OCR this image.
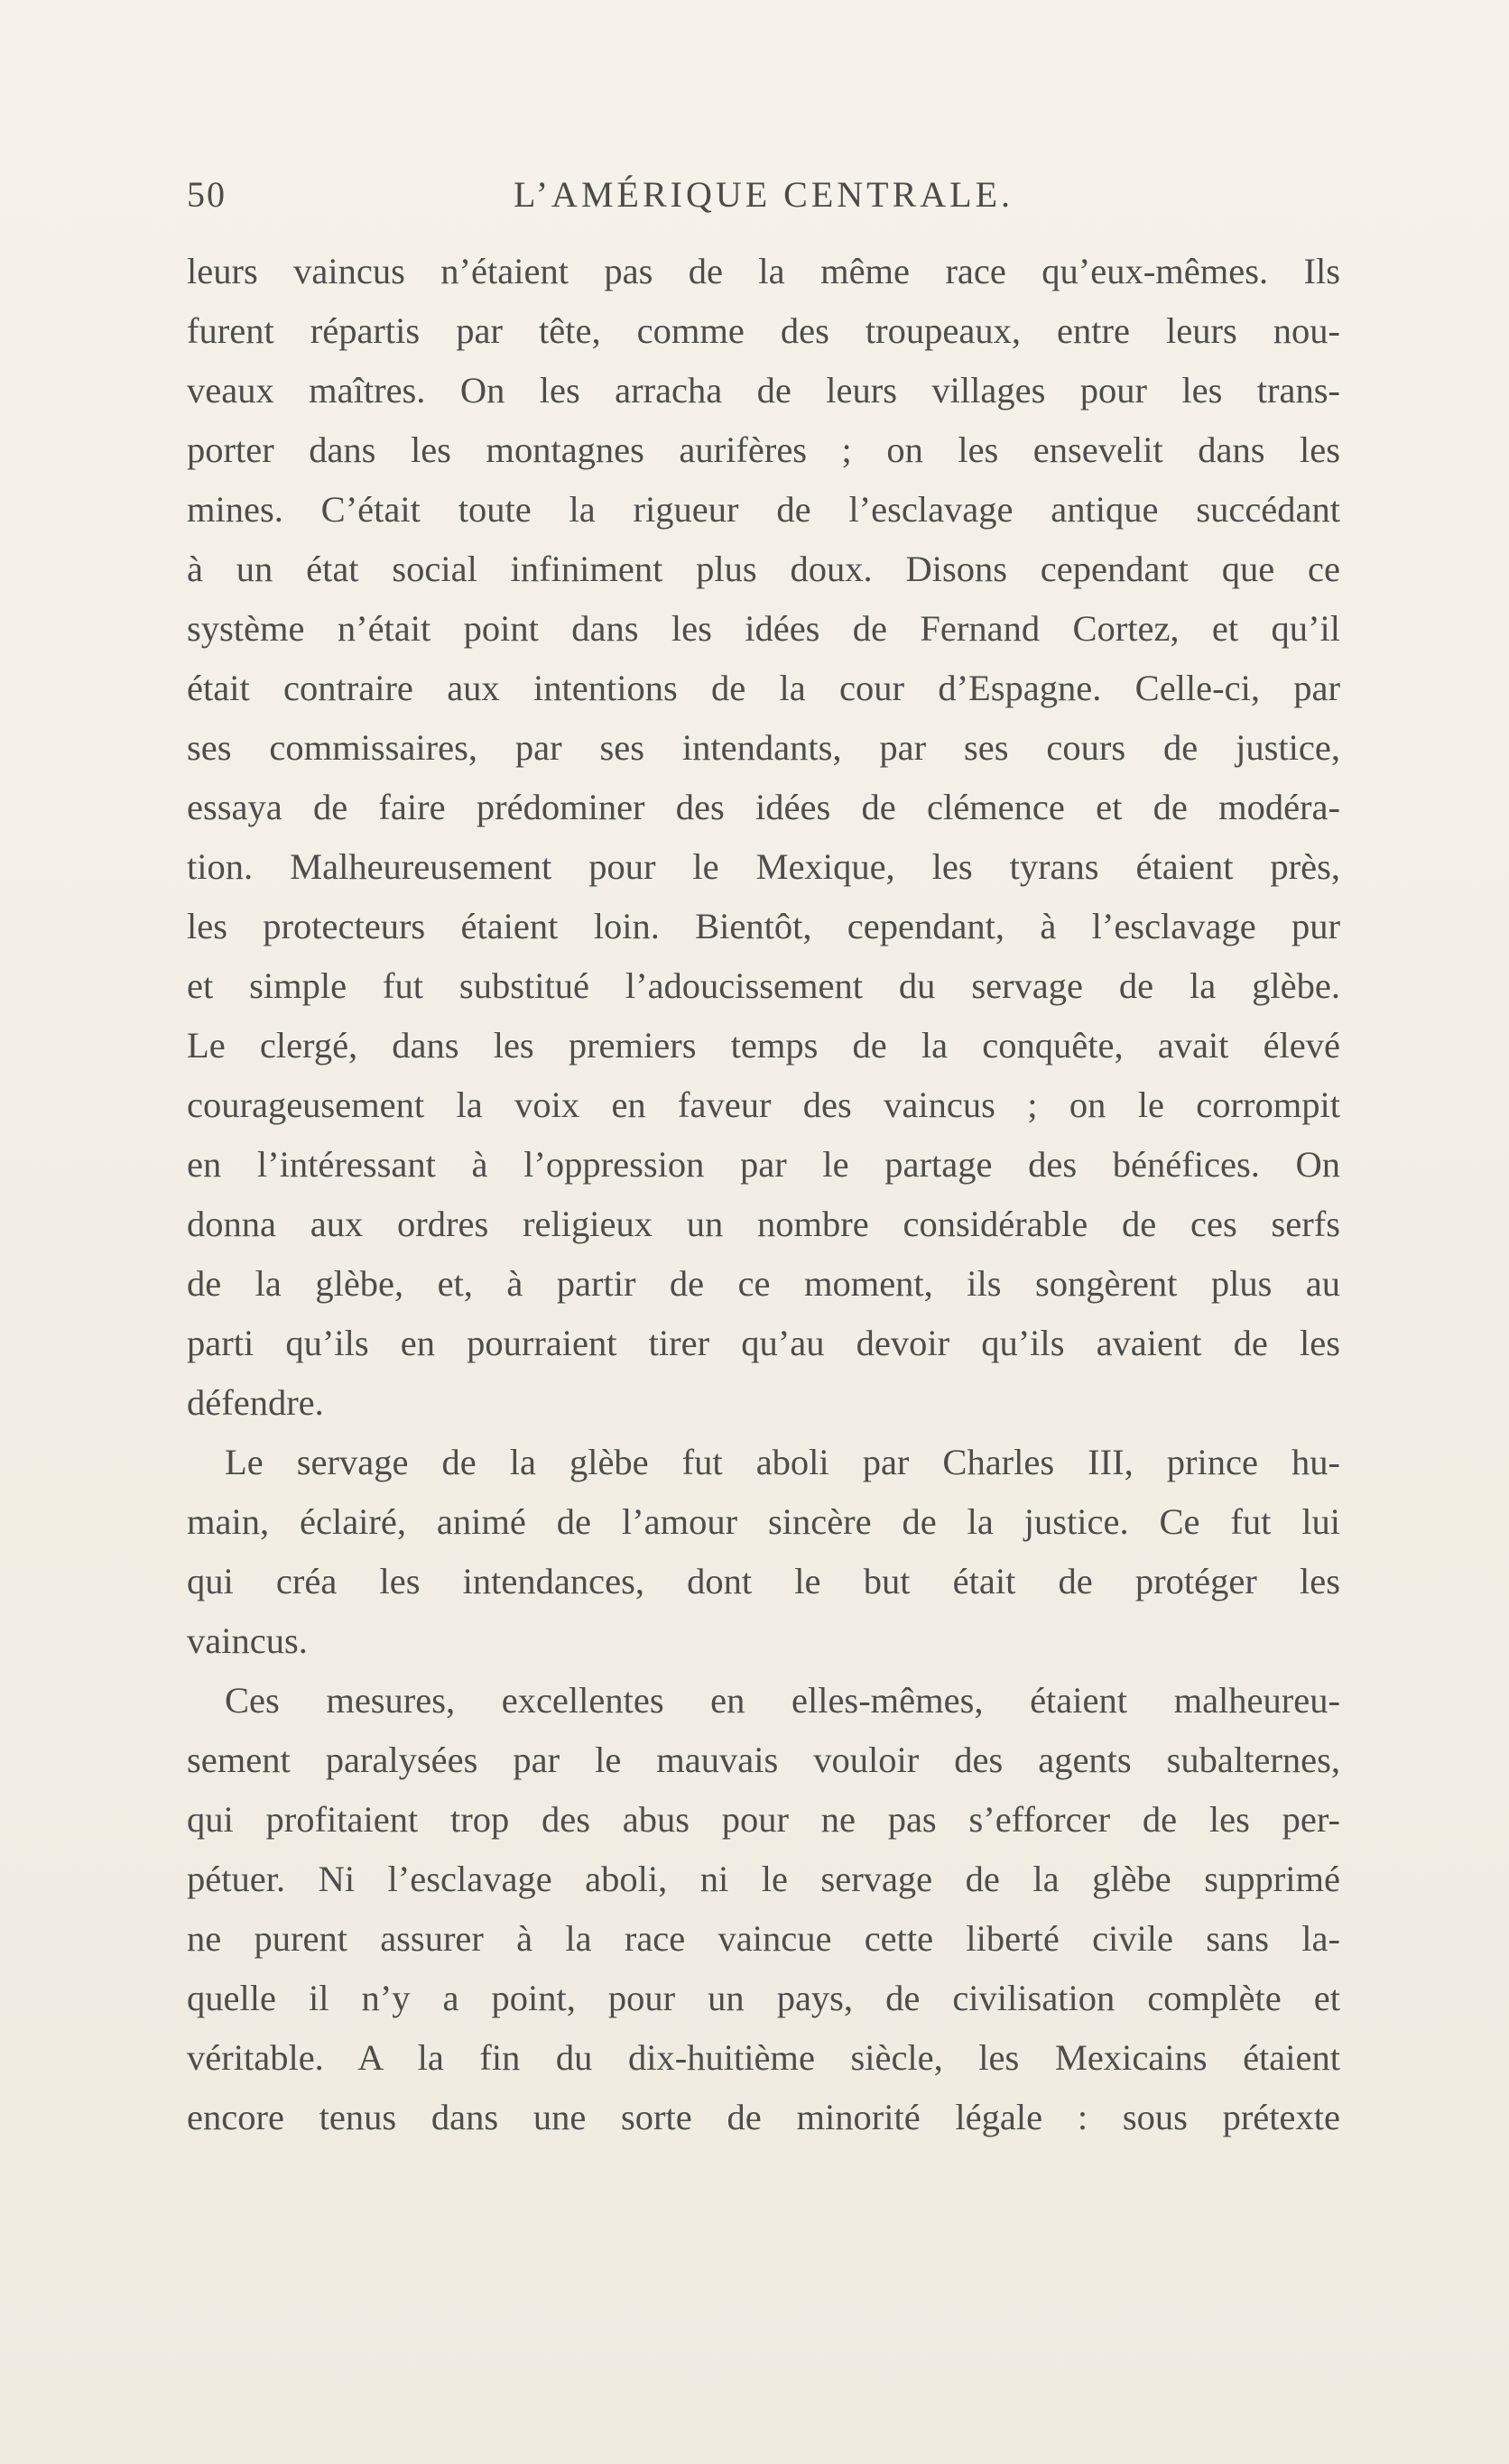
50	L’AMÉRIQUE CENTRALE.
leurs vaincus n’étaient pas de la même race qu’eux-mêmes. Ils
furent répartis par tête, comme des troupeaux, entre leurs nou-
veaux maîtres. On les arracha de leurs villages pour les trans-
porter dans les montagnes aurifères ; on les ensevelit dans les
mines. C’était toute la rigueur de l’esclavage antique succédant
à un état social infiniment plus doux. Disons cependant que ce
système n’était point dans les idées de Fernand Cortez, et qu’il
était contraire aux intentions de la cour d’Espagne. Celle-ci, par
ses commissaires, par ses intendants, par ses cours de justice,
essaya de faire prédominer des idées de clémence et de modéra-
tion. Malheureusement pour le Mexique, les tyrans étaient près,
les protecteurs étaient loin. Bientôt, cependant, à l’esclavage pur
et simple fut substitué l’adoucissement du servage de la glèbe.
Le clergé, dans les premiers temps de la conquête, avait élevé
courageusement la voix en faveur des vaincus ; on le corrompit
en l’intéressant à l’oppression par le partage des bénéfices. On
donna aux ordres religieux un nombre considérable de ces serfs
de la glèbe, et, à partir de ce moment, ils songèrent plus au
parti qu’ils en pourraient tirer qu’au devoir qu’ils avaient de les
défendre.
Le servage de la glèbe fut aboli par Charles III, prince hu-
main, éclairé, animé de l’amour sincère de la justice. Ce fut lui
qui créa les intendances, dont le but était de protéger les
vaincus.
Ces mesures, excellentes en elles-mêmes, étaient malheureu-
sement paralysées par le mauvais vouloir des agents subalternes,
qui profitaient trop des abus pour ne pas s’efforcer de les per-
pétuer. Ni l’esclavage aboli, ni le servage de la glèbe supprimé
ne purent assurer à la race vaincue cette liberté civile sans la-
quelle il n’y a point, pour un pays, de civilisation complète et
véritable. A la fin du dix-huitième siècle, les Mexicains étaient
encore tenus dans une sorte de minorité légale : sous prétexte
